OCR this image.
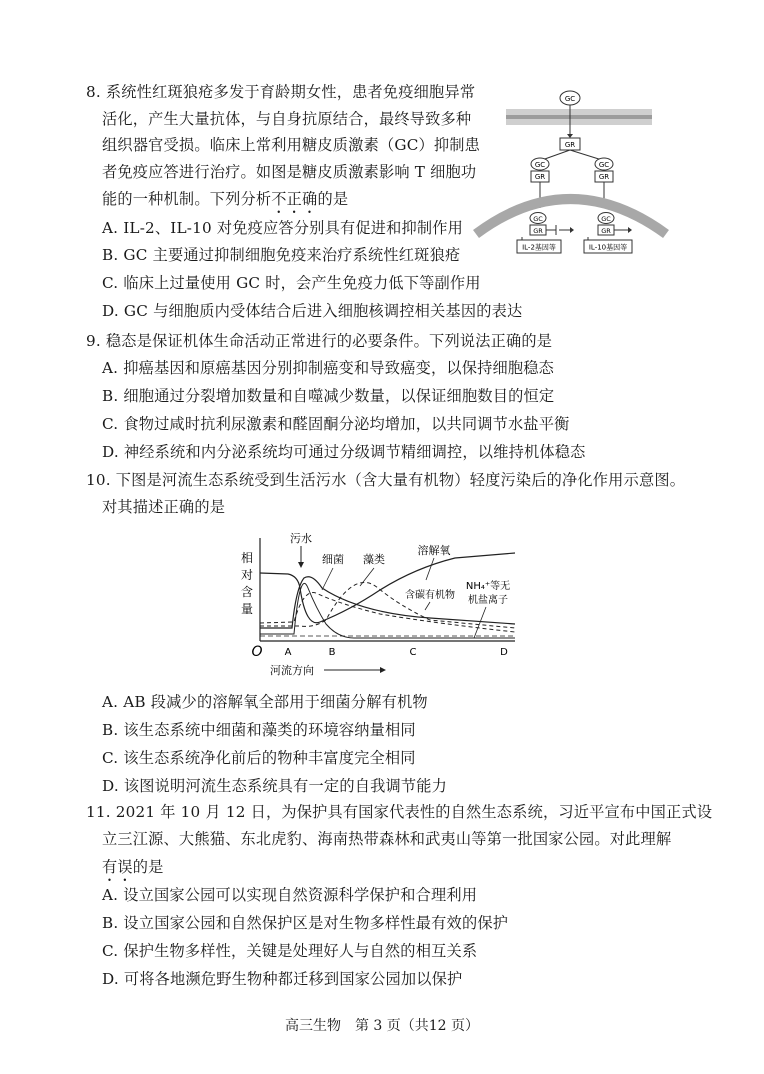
8. 系统性红斑狼疮多发于育龄期女性，患者免疫细胞异常
活化，产生大量抗体，与自身抗原结合，最终导致多种
组织器官受损。临床上常利用糖皮质激素（GC）抑制患
者免疫应答进行治疗。如图是糖皮质激素影响 T 细胞功
能的一种机制。下列分析不正确的是
A. IL-2、IL-10 对免疫应答分别具有促进和抑制作用
B. GC 主要通过抑制细胞免疫来治疗系统性红斑狼疮
C. 临床上过量使用 GC 时，会产生免疫力低下等副作用
D. GC 与细胞质内受体结合后进入细胞核调控相关基因的表达
GC
GR
GC	GC
GR	GR
GC	GC
GR	GR
IL-2基因等	IL-10基因等
9. 稳态是保证机体生命活动正常进行的必要条件。下列说法正确的是
A. 抑癌基因和原癌基因分别抑制癌变和导致癌变，以保持细胞稳态
B. 细胞通过分裂增加数量和自噬减少数量，以保证细胞数目的恒定
C. 食物过咸时抗利尿激素和醛固酮分泌均增加，以共同调节水盐平衡
D. 神经系统和内分泌系统均可通过分级调节精细调控，以维持机体稳态
10. 下图是河流生态系统受到生活污水（含大量有机物）轻度污染后的净化作用示意图。
对其描述正确的是
相
对
含
量
O A	B	C	D
河流方向
污水
细菌 藻类
溶解氧
含碳有机物
NH₄⁺等无
机盐离子
A. AB 段减少的溶解氧全部用于细菌分解有机物
B. 该生态系统中细菌和藻类的环境容纳量相同
C. 该生态系统净化前后的物种丰富度完全相同
D. 该图说明河流生态系统具有一定的自我调节能力
11. 2021 年 10 月 12 日，为保护具有国家代表性的自然生态系统，习近平宣布中国正式设
立三江源、大熊猫、东北虎豹、海南热带森林和武夷山等第一批国家公园。对此理解
有误的是
A. 设立国家公园可以实现自然资源科学保护和合理利用
B. 设立国家公园和自然保护区是对生物多样性最有效的保护
C. 保护生物多样性，关键是处理好人与自然的相互关系
D. 可将各地濒危野生物种都迁移到国家公园加以保护
高三生物　第 3 页（共12 页）
